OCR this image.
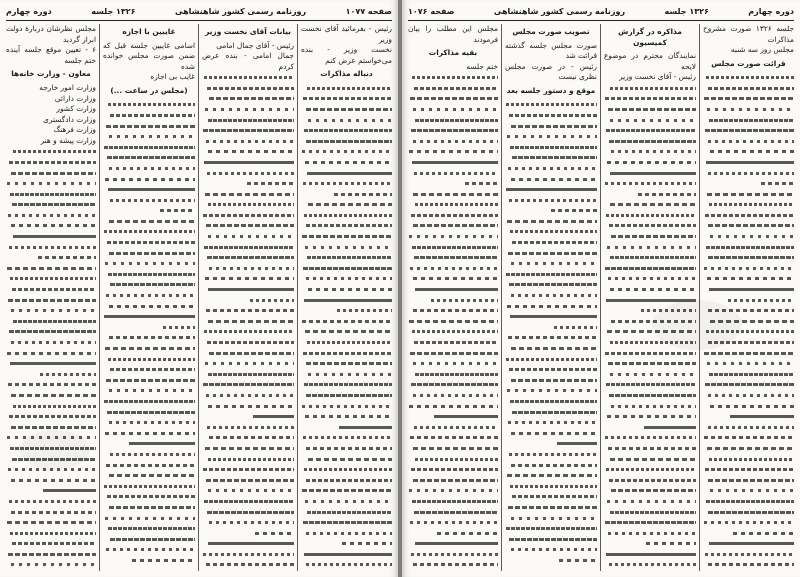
صفحه ۱۰۷۷
روزنامه رسمی کشور شاهنشاهی
۱۳۲۶ جلسه
دوره چهارم
مجلس نظرشان دربارهٔ دولت ابراز گردید
۶ - تعیین موقع جلسه آینده ختم جلسه
معاون - وزارت خانه‌ها
وزارت امور خارجه
وزارت دارائی
وزارت کشور
وزارت دادگستری
وزارت فرهنگ
وزارت پیشه و هنر
غایبین با اجازه
اسامی غایبین جلسه قبل که ضمن صورت مجلس خوانده شده
غایب بی اجازه
(مجلس در ساعت ...)
بیانات آقای نخست وزیر
رئیس - آقای جمال امامی
جمال امامی - بنده عرض کردم
رئیس - بفرمائید آقای نخست وزیر
نخست وزیر - بنده می‌خواستم عرض کنم
دنباله مذاکرات
دوره چهارم
۱۳۲۶ جلسه
روزنامه رسمی کشور شاهنشاهی
صفحه ۱۰۷۶
مجلس این مطلب را بیان فرمودند
بقیه مذاکرات
ختم جلسه
تصویب صورت مجلس
صورت مجلس جلسه گذشته قرائت شد
رئیس - در صورت مجلس نظری نیست
موقع و دستور جلسه بعد
مذاکره در گزارش کمیسیون
نمایندگان محترم در موضوع لایحه
رئیس - آقای نخست وزیر
جلسه ۱۳۲۶ صورت مشروح مذاکرات
مجلس روز سه شنبه
قرائت صورت مجلس
